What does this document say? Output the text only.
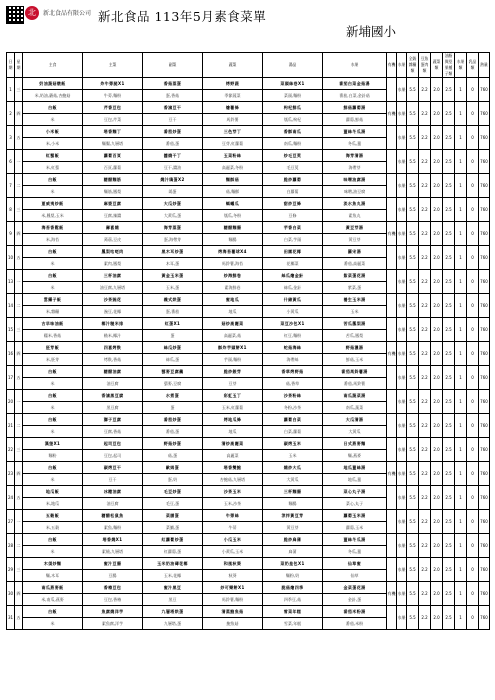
北	新北食品有限公司 新北食品 113年5月素食菜單
新埔國小
日期	星期	主食	主菜	副菜	蔬菜	湯品	水果	有機	水果	全穀雜糧類	豆魚蛋肉類	蔬菜類	油脂與堅果種子類	水果類	乳品類	熱量
1	三	奶油蔬菇燉飯	炸牛蒡腿X1	香菇蒸蛋	烤野蔬	菜頭絲卷X1	番茄白菜金菇湯		水果	5.5	2.2	2.0	2.5	1	0	760
		米,奶油,蘑菇,杏鮑菇	牛蒡,麵粉	蛋,香菇	季節蔬菜	菜頭,麵粉	番茄,白菜,金針菇									
2	四	白飯	芹香豆包	香滷豆干	燴薯條	枸杞鮮瓜	鮮菇蘿蔔湯	有機	水果	5.5	2.2	2.0	2.5	1	0	760
		米	豆包,芹菜	豆干	馬鈴薯	瓠瓜,枸杞	蘿蔔,鮮菇									
3	五	小米飯	塔香麵丁	番茄炒蛋	三色芽丁	香酥南瓜	薑絲冬瓜湯		水果	5.5	2.2	2.0	2.5	1	0	760
		米,小米	麵腸,九層塔	番茄,蛋	豆芽,紅蘿蔔	南瓜,麵粉	冬瓜,薑									
6	一	紅藜飯	蘿蔔百頁	醬燒干丁	玉菜粉絲	炒毛豆莢	海芽清湯		水果	5.5	2.2	2.0	2.5	1	0	760
		米,紅藜	百頁,蘿蔔	豆干,醬油	高麗菜,冬粉	毛豆莢	海帶芽									
7	二	白飯	糖醋麵筋	燒汁鴿蛋X2	麵酥菇	脆炒蘿蔔	味噌油腐湯		水果	5.5	2.2	2.0	2.5	1	0	760
		米	麵筋,鳳梨	鴿蛋	菇,麵酥	白蘿蔔	味噌,油豆腐									
8	三	夏威夷炒飯	麻婆豆腐	大瓜炒蛋	螞蟻瓜	甜炒豆條	淡水魚丸湯		水果	5.5	2.2	2.0	2.5	1	0	760
		米,鳳梨,玉米	豆腐,辣醬	大黃瓜,蛋	瓠瓜,冬粉	豆條	素魚丸									
9	四	海苔香鬆飯	壽喜燒	海芽蒸蛋	糖醋麵腸	芋香白菜	黃豆芽湯	有機	水果	5.5	2.2	2.0	2.5	1	0	760
		米,海苔	蒟蒻,豆皮	蛋,海帶芽	麵腸	白菜,芋頭	黃豆芽									
10	五	白飯	鳳梨咕咾肉	黑木耳炒蛋	烤海苔薯球X4	田園花椰	羅宋湯		水果	5.5	2.2	2.0	2.5	1	0	760
		米	素肉,鳳梨	木耳,蛋	馬鈴薯,海苔	花椰菜	番茄,高麗菜									
13	一	白飯	三杯油腐	黃金玉米蛋	炒海鮮卷	絲瓜燴金針	紫菜蛋花湯		水果	5.5	2.2	2.0	2.5	1	0	760
		米	油豆腐,九層塔	玉米,蛋	素海鮮卷	絲瓜,金針	紫菜,蛋									
14	二	雲攝子飯	沙茶豌花	義式烘蛋	蜜地瓜	什錦黃瓜	養生玉米湯		水果	5.5	2.2	2.0	2.5	1	0	760
		米,雜糧	豌豆,花椰	蛋,番茄	地瓜	小黃瓜	玉米									
15	三	古早味油飯	椰汁糙米排	紅蛋X1	菇炒高麗菜	菜豆沙包X1	苦瓜鳳梨湯		水果	5.5	2.2	2.0	2.5	1	0	760
		糯米,香菇	糙米,椰汁	蛋	高麗菜,菇	紅豆,麵粉	苦瓜,鳳梨									
16	四	胚芽飯	四喜烤麩	絲瓜炒蛋	酥炸芋頭餅X1	蛇菇海絲	野菇濃湯	有機	水果	5.5	2.2	2.0	2.5	1	0	760
		米,胚芽	烤麩,香菇	絲瓜,蛋	芋頭,麵粉	海帶絲	鮮菇,玉米									
17	五	白飯	糖醋油腐	藜麥豆腐羹	脆炒銀芽	香草烤野菇	番茄馬鈴薯湯		水果	5.5	2.2	2.0	2.5	1	0	760
		米	油豆腐	藜麥,豆腐	豆芽	菇,香草	番茄,馬鈴薯									
20	一	白飯	香滷黑豆腐	水煮蛋	彩虹玉丁	沙茶粉絲	南瓜蔬菜湯		水果	5.5	2.2	2.0	2.5	1	0	760
		米	黑豆腐	蛋	玉米,紅蘿蔔	冬粉,沙茶	南瓜,蔬菜									
21	二	白飯	獅子豆腐	番茄炒蛋	烤地瓜條	蘿蔔白菜	大瓜清湯		水果	5.5	2.2	2.0	2.5	1	0	760
		米	豆腐,香菇	番茄,蛋	地瓜	白菜,蘿蔔	大黃瓜									
22	三	漢堡X1	起司豆包	野菇炒蛋	清炒高麗菜	碳烤玉米	日式燕麥麵		水果	5.5	2.2	2.0	2.5	1	0	760
		麵粉	豆包,起司	菇,蛋	高麗菜	玉米	麵,燕麥									
23	四	白飯	碳烤豆干	歐姆蛋	塔香雙鮑	燒炒大瓜	地瓜薑絲湯	有機	水果	5.5	2.2	2.0	2.5	1	0	760
		米	豆干	蛋,奶	杏鮑菇,九層塔	大黃瓜	地瓜,薑									
24	五	地瓜飯	冰糖油腐	毛豆炒蛋	沙茶玉米	三杯麵腸	菜心丸子湯		水果	5.5	2.2	2.0	2.5	1	0	760
		米,地瓜	油豆腐	毛豆,蛋	玉米,沙茶	麵腸	菜心,丸子									
27	一	五穀飯	糖醋松鼠魚	菜脯蛋	牛蒡絲	涼拌黃豆芽	蘿蔔玉米湯		水果	5.5	2.2	2.0	2.5	1	0	760
		米,五穀	素魚,麵粉	菜脯,蛋	牛蒡	黃豆芽	蘿蔔,玉米									
28	二	白飯	塔香燒X1	紅蘿蔔炒蛋	小瓜玉米	脆炒扁蒲	薑絲冬瓜湯		水果	5.5	2.2	2.0	2.5	1	0	760
		米	素燒,九層塔	紅蘿蔔,蛋	小黃瓜,玉米	扁蒲	冬瓜,薑									
29	三	木須炒麵	蜜汁豆腸	玉米奶油磚花椰	和風秋葵	菜奶皇包X1	仙草蜜		水果	5.5	2.2	2.0	2.5	1	0	760
		麵,木耳	豆腸	玉米,花椰	秋葵	麵粉,奶	仙草									
30	四	南瓜燕麥飯	香椿豆包	蜜汁黑豆	炒可樂餅X1	脆菇燴四季	金菜蛋花湯	有機	水果	5.5	2.2	2.0	2.5	1	0	760
		米,南瓜,燕麥	豆包,香椿	黑豆	馬鈴薯,麵粉	四季豆,菇	金針,蛋									
31	五	白飯	魚腐燒洋芋	九層塔烘蛋	清蒸鮑魚菇	雪菜年糕	番茄米粉湯		水果	5.5	2.2	2.0	2.5	1	0	760
		米	素魚腐,洋芋	九層塔,蛋	鮑魚菇	雪菜,年糕	番茄,米粉									
